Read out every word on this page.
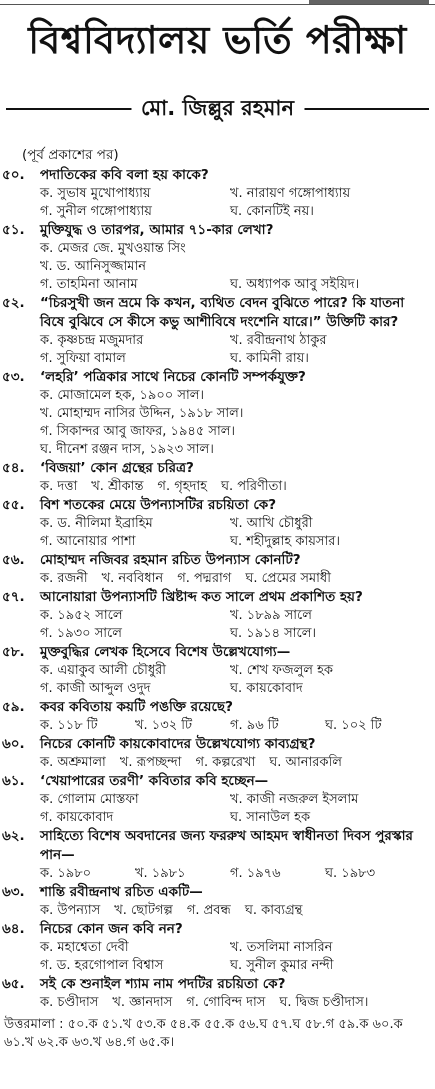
বিশ্ববিদ্যালয় ভর্তি পরীক্ষা
মো. জিল্লুর রহমান
(পূর্ব প্রকাশের পর)
৫০.	পদাতিকের কবি বলা হয় কাকে?
ক. সুভাষ মুখোপাধ্যায়	খ. নারায়ণ গঙ্গোপাধ্যায়
গ. সুনীল গঙ্গোপাধ্যায়	ঘ. কোনটিই নয়।
৫১.	মুক্তিযুদ্ধ ও তারপর, আমার ৭১-কার লেখা?
ক. মেজর জে. মুখওয়ান্ত সিং
খ. ড. আনিসুজ্জামান
গ. তাহমিনা আনাম	ঘ. অধ্যাপক আবু সইয়িদ।
৫২.	“চিরসুখী জন ভ্রমে কি কখন, ব্যথিত বেদন বুঝিতে পারে? কি যাতনা বিষে বুঝিবে সে কীসে কভু আশীবিষে দংশেনি যারে।” উক্তিটি কার?
ক. কৃষ্ণচন্দ্র মজুমদার	খ. রবীন্দ্রনাথ ঠাকুর
গ. সুফিয়া বামাল	ঘ. কামিনী রায়।
৫৩.	‘লহরি’ পত্রিকার সাথে নিচের কোনটি সম্পর্কযুক্ত?
ক. মোজামেল হক, ১৯০০ সাল।
খ. মোহাম্মদ নাসির উদ্দিন, ১৯১৮ সাল।
গ. সিকান্দর আবু জাফর, ১৯৪৫ সাল।
ঘ. দীনেশ রঞ্জন দাস, ১৯২৩ সাল।
৫৪.	‘বিজয়া’ কোন গ্রন্থের চরিত্র?
ক. দত্তা	খ. শ্রীকান্ত	গ. গৃহদাহ	ঘ. পরিণীতা।
৫৫.	বিশ শতকের মেয়ে উপন্যাসটির রচয়িতা কে?
ক. ড. নীলিমা ইব্রাহিম	খ. আখি চৌধুরী
গ. আনোয়ার পাশা	ঘ. শহীদুল্লাহ কায়সার।
৫৬.	মোহাম্মদ নজিবর রহমান রচিত উপন্যাস কোনটি?
ক. রজনী	খ. নববিধান	গ. পদ্মরাগ	ঘ. প্রেমের সমাধী
৫৭.	আনোয়ারা উপন্যাসটি খ্রিষ্টাব্দ কত সালে প্রথম প্রকাশিত হয়?
ক. ১৯৫২ সালে	খ. ১৮৯৯ সালে
গ. ১৯৩০ সালে	ঘ. ১৯১৪ সালে।
৫৮.	মুক্তবুদ্ধির লেখক হিসেবে বিশেষ উল্লেখযোগ্য—
ক. এয়াকুব আলী চৌধুরী	খ. শেখ ফজলুল হক
গ. কাজী আব্দুল ওদুদ	ঘ. কায়কোবাদ
৫৯.	কবর কবিতায় কয়টি পঙক্তি রয়েছে?
ক. ১১৮ টি	খ. ১৩২ টি	গ. ৯৬ টি	ঘ. ১০২ টি
৬০.	নিচের কোনটি কায়কোবাদের উল্লেখযোগ্য কাব্যগ্রন্থ?
ক. অশ্রুমালা	খ. রূপচ্ছন্দা	গ. কল্পরেখা	ঘ. আনারকলি
৬১.	‘খেয়াপারের তরণী’ কবিতার কবি হচ্ছেন—
ক. গোলাম মোস্তফা	খ. কাজী নজরুল ইসলাম
গ. কায়কোবাদ	ঘ. সানাউল হক
৬২.	সাহিত্যে বিশেষ অবদানের জন্য ফররুখ আহমদ স্বাধীনতা দিবস পুরস্কার পান—
ক. ১৯৮০	খ. ১৯৮১	গ. ১৯৭৬	ঘ. ১৯৮৩
৬৩.	শান্তি রবীন্দ্রনাথ রচিত একটি—
ক. উপন্যাস	খ. ছোটগল্প	গ. প্রবন্ধ	ঘ. কাব্যগ্রন্থ
৬৪.	নিচের কোন জন কবি নন?
ক. মহাশ্বেতা দেবী	খ. তসলিমা নাসরিন
গ. ড. হরগোপাল বিশ্বাস	ঘ. সুনীল কুমার নন্দী
৬৫.	সই কে শুনাইল শ্যাম নাম পদটির রচয়িতা কে?
ক. চণ্ডীদাস	খ. জ্ঞানদাস	গ. গোবিন্দ দাস	ঘ. দ্বিজ চণ্ডীদাস।
উত্তরমালা : ৫০.ক ৫১.খ ৫৩.ক ৫৪.ক ৫৫.ক ৫৬.ঘ ৫৭.ঘ ৫৮.গ ৫৯.ক ৬০.ক ৬১.খ ৬২.ক ৬৩.খ ৬৪.গ ৬৫.ক।
